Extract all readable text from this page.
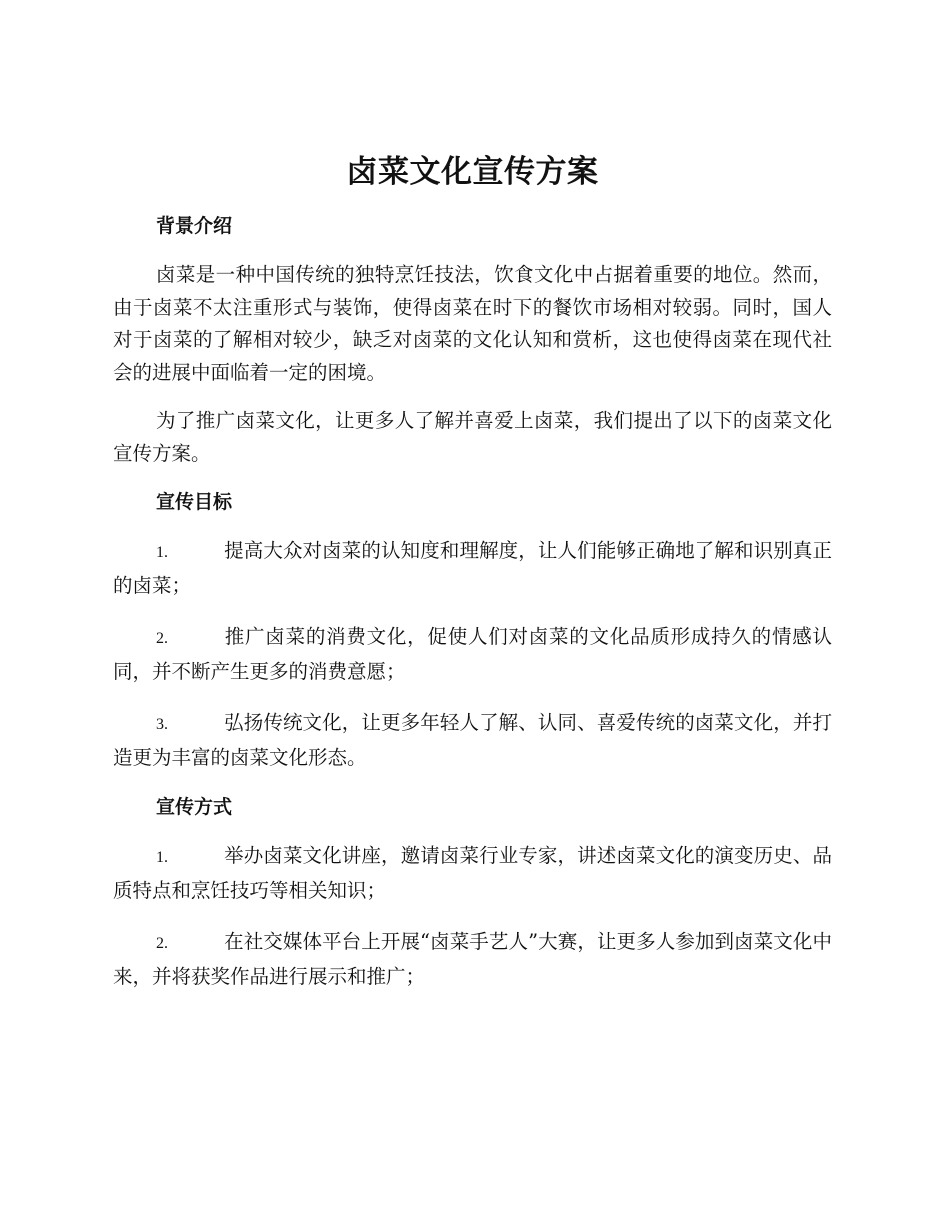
卤菜文化宣传方案
背景介绍

卤菜是一种中国传统的独特烹饪技法，饮食文化中占据着重要的地位。然而，由于卤菜不太注重形式与装饰，使得卤菜在时下的餐饮市场相对较弱。同时，国人对于卤菜的了解相对较少，缺乏对卤菜的文化认知和赏析，这也使得卤菜在现代社会的进展中面临着一定的困境。

为了推广卤菜文化，让更多人了解并喜爱上卤菜，我们提出了以下的卤菜文化宣传方案。

宣传目标

1.	提高大众对卤菜的认知度和理解度，让人们能够正确地了解和识别真正的卤菜；

2.	推广卤菜的消费文化，促使人们对卤菜的文化品质形成持久的情感认同，并不断产生更多的消费意愿；

3.	弘扬传统文化，让更多年轻人了解、认同、喜爱传统的卤菜文化，并打造更为丰富的卤菜文化形态。

宣传方式

1.	举办卤菜文化讲座，邀请卤菜行业专家，讲述卤菜文化的演变历史、品质特点和烹饪技巧等相关知识；

2.	在社交媒体平台上开展“卤菜手艺人”大赛，让更多人参加到卤菜文化中来，并将获奖作品进行展示和推广；
